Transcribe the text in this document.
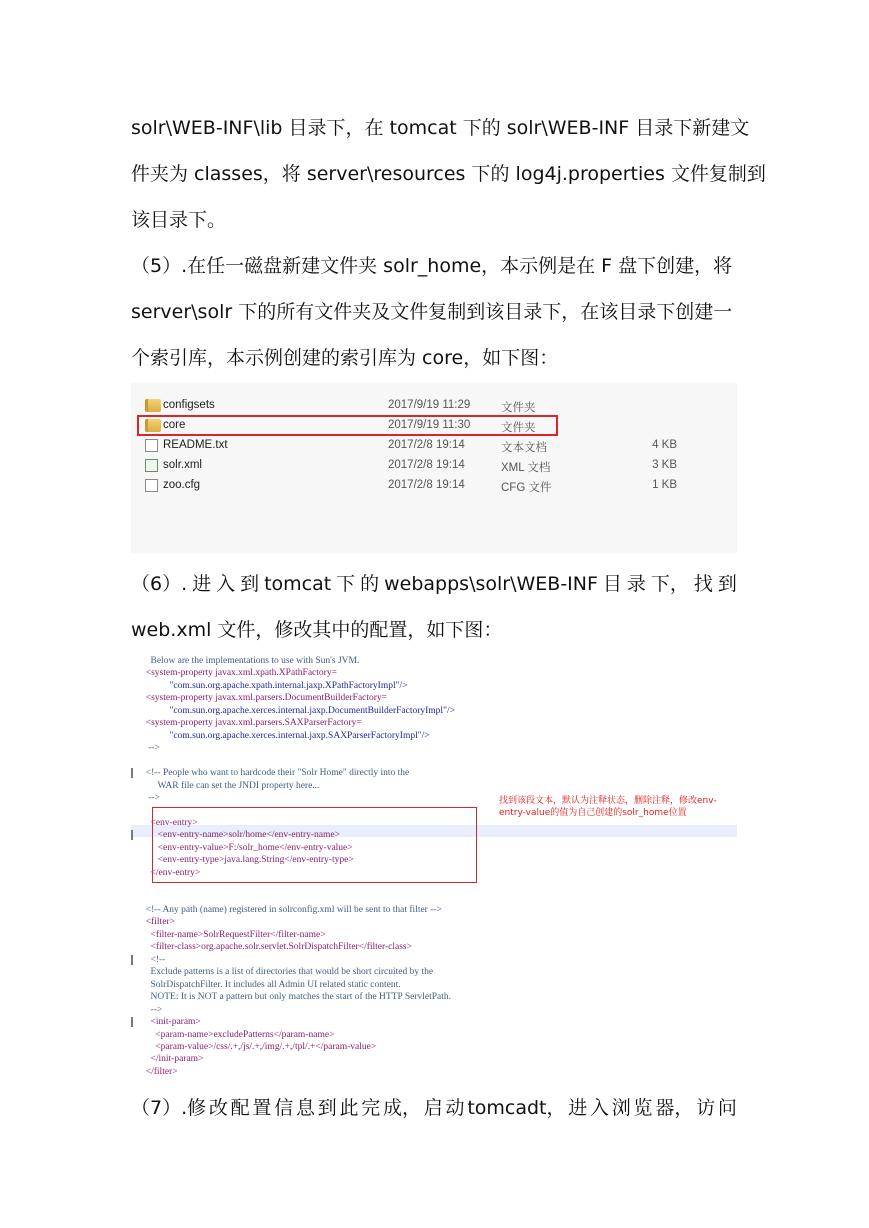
solr\WEB-INF\lib 目录下，在 tomcat 下的 solr\WEB-INF 目录下新建文
件夹为 classes，将 server\resources 下的 log4j.properties 文件复制到
该目录下。
（5）.在任一磁盘新建文件夹 solr_home，本示例是在 F 盘下创建，将
server\solr 下的所有文件夹及文件复制到该目录下，在该目录下创建一
个索引库，本示例创建的索引库为 core，如下图：
configsets	2017/9/19 11:29	文件夹
core	2017/9/19 11:30	文件夹
README.txt	2017/2/8 19:14	文本文档	4 KB
solr.xml	2017/2/8 19:14	XML 文档	3 KB
zoo.cfg	2017/2/8 19:14	CFG 文件	1 KB
（6）. 进 入 到 tomcat 下 的 webapps\solr\WEB-INF 目 录 下， 找 到
web.xml 文件，修改其中的配置，如下图：
Below are the implementations to use with Sun's JVM.
<system-property javax.xml.xpath.XPathFactory=
"com.sun.org.apache.xpath.internal.jaxp.XPathFactoryImpl"/>
<system-property javax.xml.parsers.DocumentBuilderFactory=
"com.sun.org.apache.xerces.internal.jaxp.DocumentBuilderFactoryImpl"/>
<system-property javax.xml.parsers.SAXParserFactory=
"com.sun.org.apache.xerces.internal.jaxp.SAXParserFactoryImpl"/>
-->
<!-- People who want to hardcode their "Solr Home" directly into the
WAR file can set the JNDI property here...
-->
<env-entry>
<env-entry-name>solr/home</env-entry-name>
<env-entry-value>F:/solr_home</env-entry-value>
<env-entry-type>java.lang.String</env-entry-type>
</env-entry>
<!-- Any path (name) registered in solrconfig.xml will be sent to that filter -->
<filter>
<filter-name>SolrRequestFilter</filter-name>
<filter-class>org.apache.solr.servlet.SolrDispatchFilter</filter-class>
<!--
Exclude patterns is a list of directories that would be short circuited by the
SolrDispatchFilter. It includes all Admin UI related static content.
NOTE: It is NOT a pattern but only matches the start of the HTTP ServletPath.
-->
<init-param>
<param-name>excludePatterns</param-name>
<param-value>/css/.+,/js/.+,/img/.+,/tpl/.+</param-value>
</init-param>
</filter>
找到该段文本，默认为注释状态，删除注释，修改env-entry-value的值为自己创建的solr_home位置
（7）.修 改 配 置 信 息 到 此 完 成， 启 动 tomcadt， 进 入 浏 览 器， 访 问
